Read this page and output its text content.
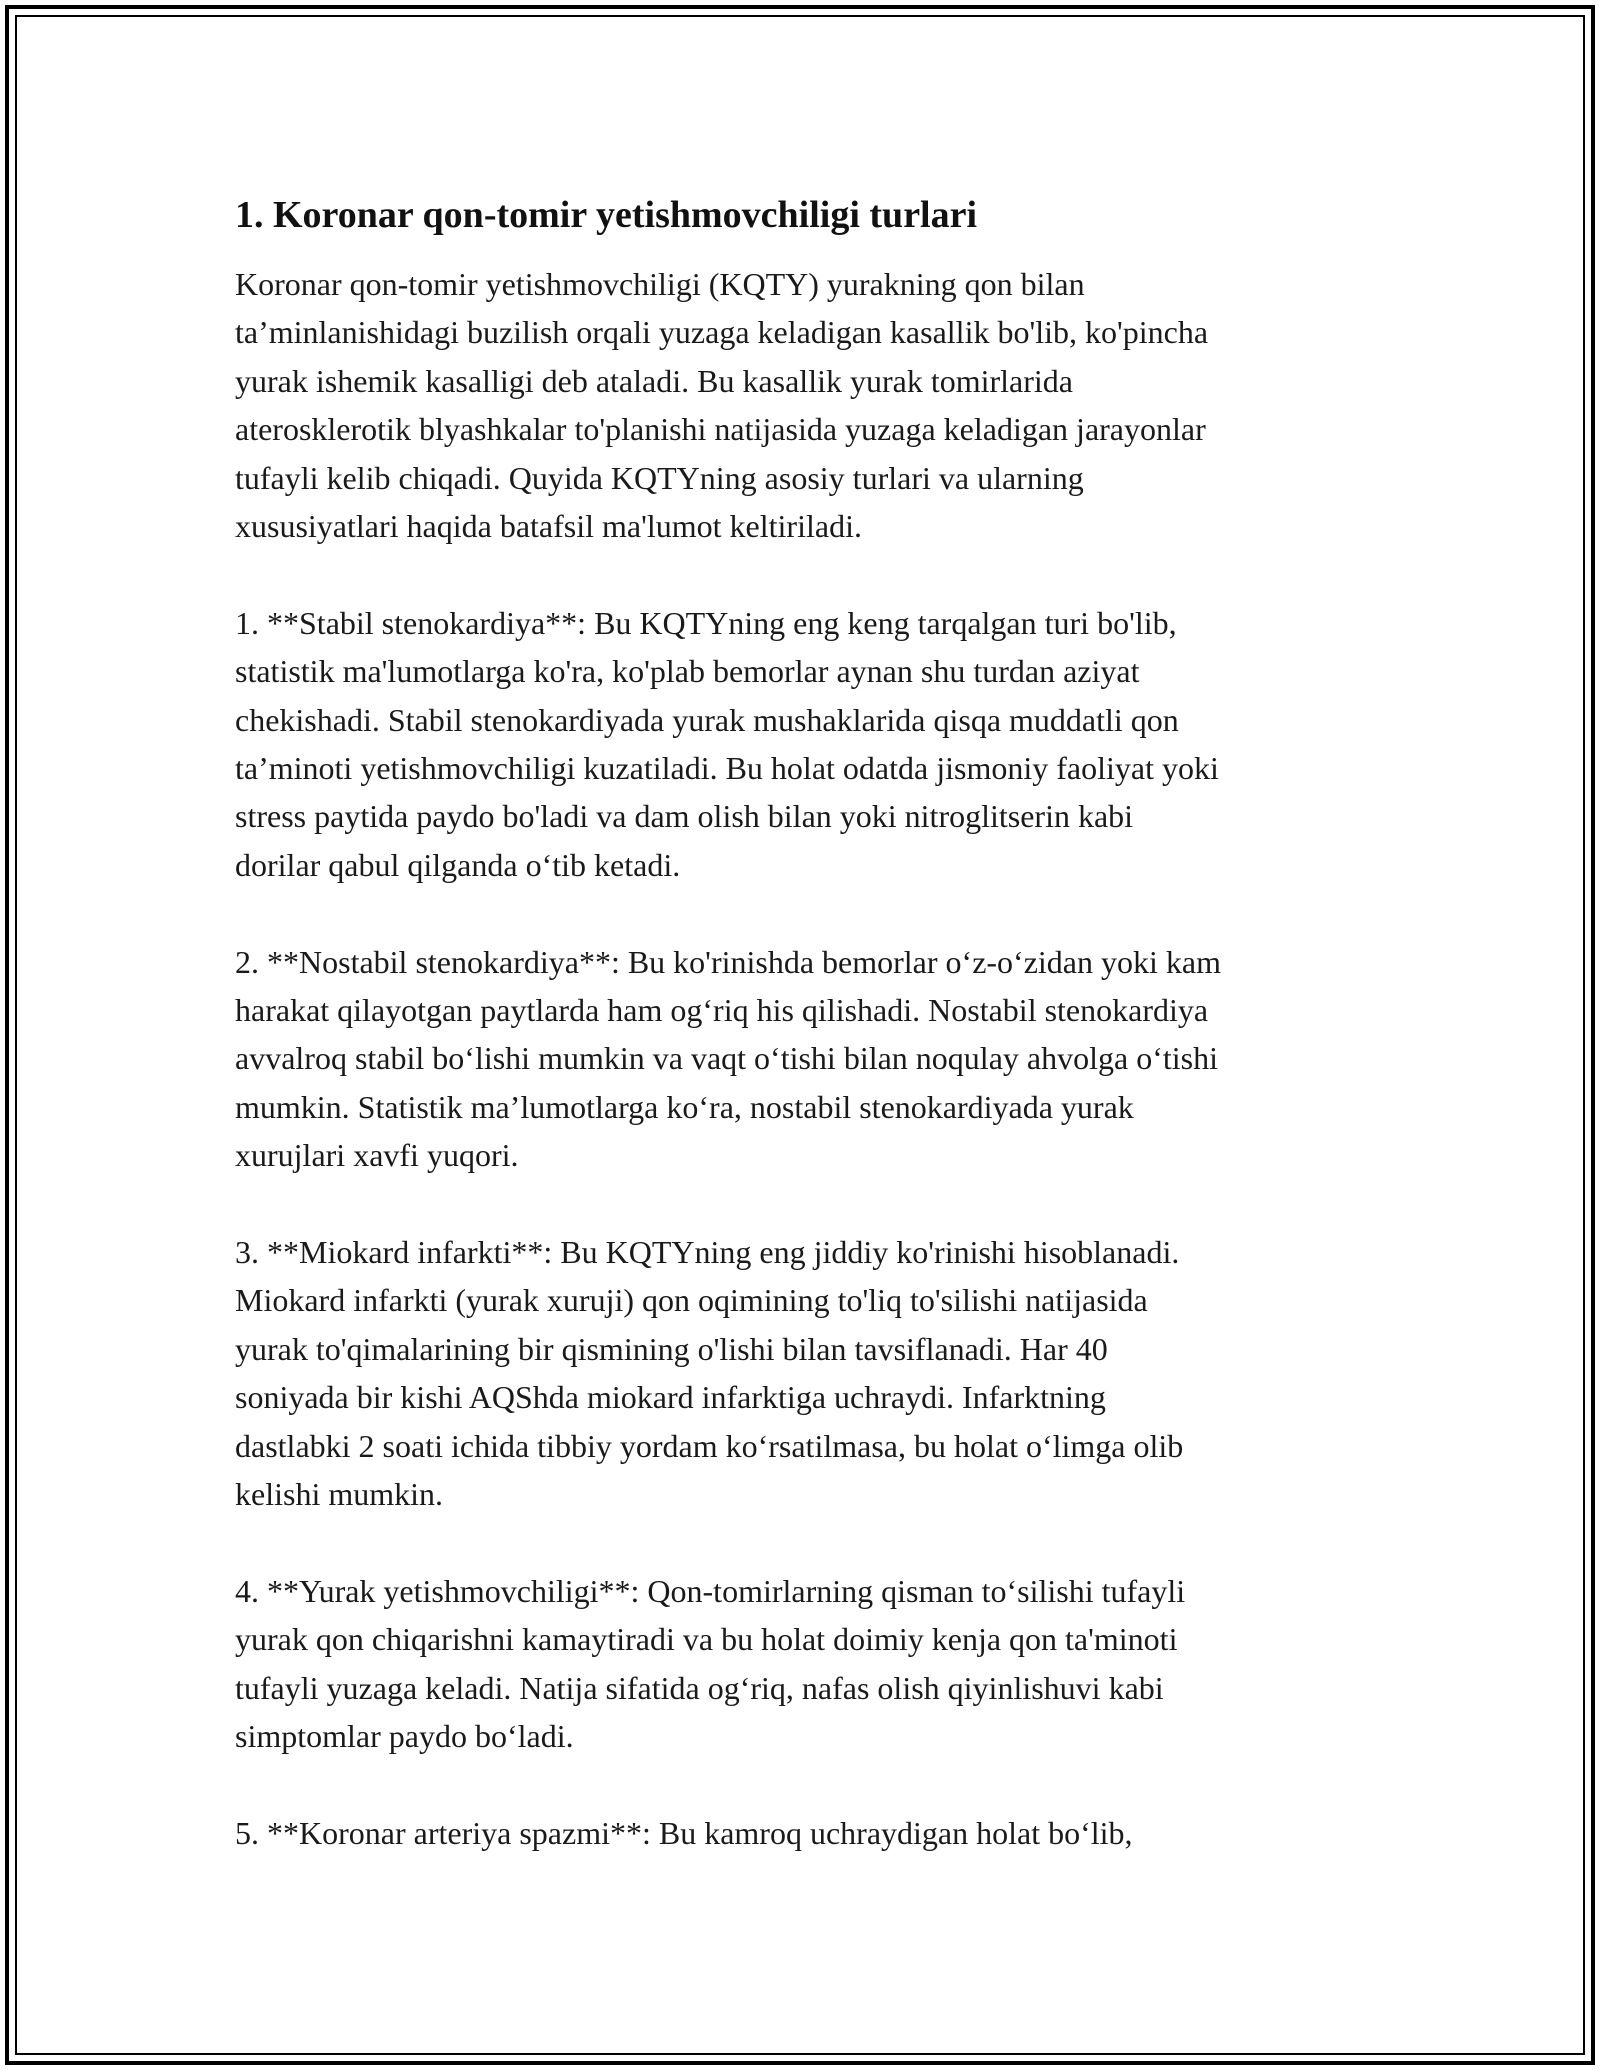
1. Koronar qon-tomir yetishmovchiligi turlari

Koronar qon-tomir yetishmovchiligi (KQTY) yurakning qon bilan
ta’minlanishidagi buzilish orqali yuzaga keladigan kasallik bo'lib, ko'pincha
yurak ishemik kasalligi deb ataladi. Bu kasallik yurak tomirlarida
aterosklerotik blyashkalar to'planishi natijasida yuzaga keladigan jarayonlar
tufayli kelib chiqadi. Quyida KQTYning asosiy turlari va ularning
xususiyatlari haqida batafsil ma'lumot keltiriladi.

1. **Stabil stenokardiya**: Bu KQTYning eng keng tarqalgan turi bo'lib,
statistik ma'lumotlarga ko'ra, ko'plab bemorlar aynan shu turdan aziyat
chekishadi. Stabil stenokardiyada yurak mushaklarida qisqa muddatli qon
ta’minoti yetishmovchiligi kuzatiladi. Bu holat odatda jismoniy faoliyat yoki
stress paytida paydo bo'ladi va dam olish bilan yoki nitroglitserin kabi
dorilar qabul qilganda o‘tib ketadi.

2. **Nostabil stenokardiya**: Bu ko'rinishda bemorlar o‘z-o‘zidan yoki kam
harakat qilayotgan paytlarda ham og‘riq his qilishadi. Nostabil stenokardiya
avvalroq stabil bo‘lishi mumkin va vaqt o‘tishi bilan noqulay ahvolga o‘tishi
mumkin. Statistik ma’lumotlarga ko‘ra, nostabil stenokardiyada yurak
xurujlari xavfi yuqori.

3. **Miokard infarkti**: Bu KQTYning eng jiddiy ko'rinishi hisoblanadi.
Miokard infarkti (yurak xuruji) qon oqimining to'liq to'silishi natijasida
yurak to'qimalarining bir qismining o'lishi bilan tavsiflanadi. Har 40
soniyada bir kishi AQShda miokard infarktiga uchraydi. Infarktning
dastlabki 2 soati ichida tibbiy yordam ko‘rsatilmasa, bu holat o‘limga olib
kelishi mumkin.

4. **Yurak yetishmovchiligi**: Qon-tomirlarning qisman to‘silishi tufayli
yurak qon chiqarishni kamaytiradi va bu holat doimiy kenja qon ta'minoti
tufayli yuzaga keladi. Natija sifatida og‘riq, nafas olish qiyinlishuvi kabi
simptomlar paydo bo‘ladi.

5. **Koronar arteriya spazmi**: Bu kamroq uchraydigan holat bo‘lib,
